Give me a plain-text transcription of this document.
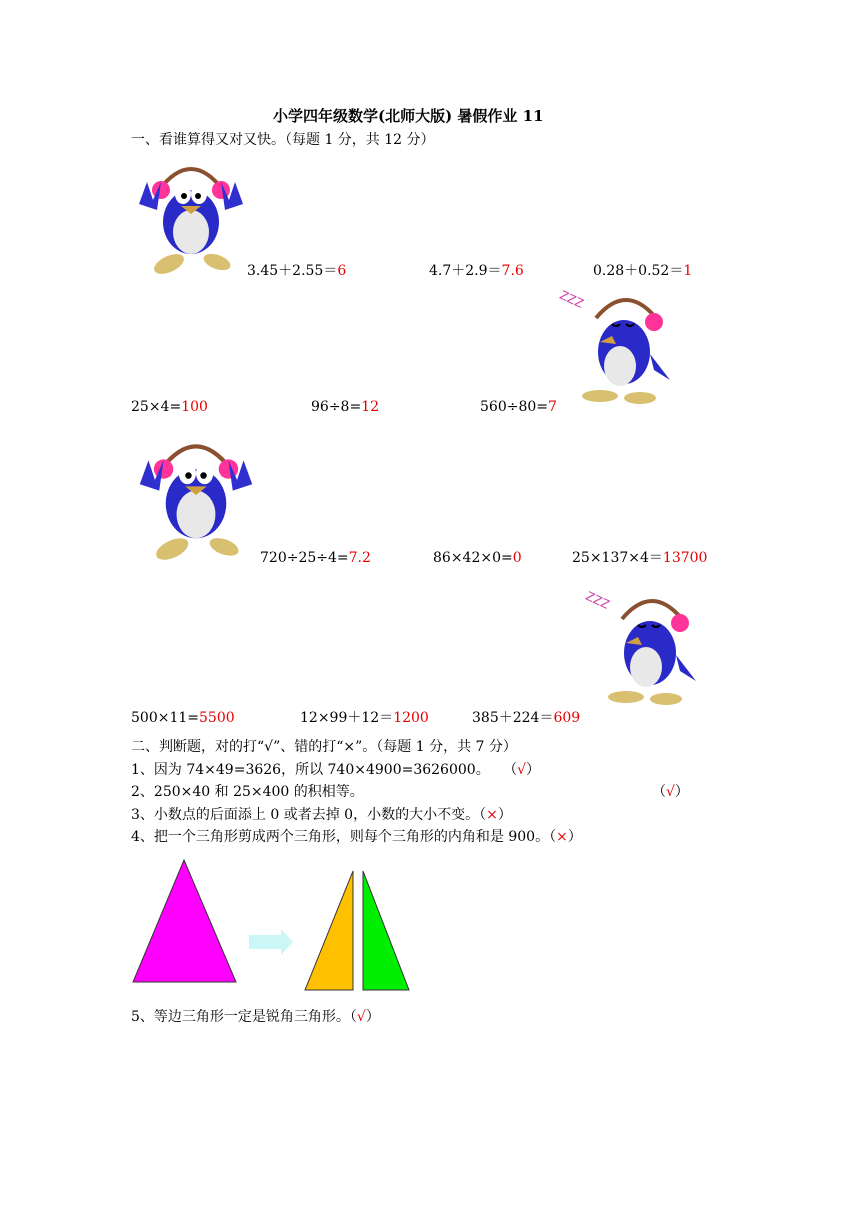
小学四年级数学(北师大版) 暑假作业 11
一、看谁算得又对又快。（每题 1 分，共 12 分）
3.45＋2.55＝6	4.7＋2.9＝7.6	0.28＋0.52＝1
ZZZ
25×4=100	96÷8=12	560÷80=7
720÷25÷4=7.2	86×42×0=0	25×137×4＝13700
ZZZ
500×11=5500	12×99＋12＝1200	385＋224＝609
二、判断题，对的打“√”、错的打“×”。（每题 1 分，共 7 分）
1、因为 74×49=3626，所以 740×4900=3626000。 （√）
2、250×40 和 25×400 的积相等。	（√）
3、小数点的后面添上 0 或者去掉 0，小数的大小不变。（×）
4、把一个三角形剪成两个三角形，则每个三角形的内角和是 900。（×）
5、等边三角形一定是锐角三角形。（√）
